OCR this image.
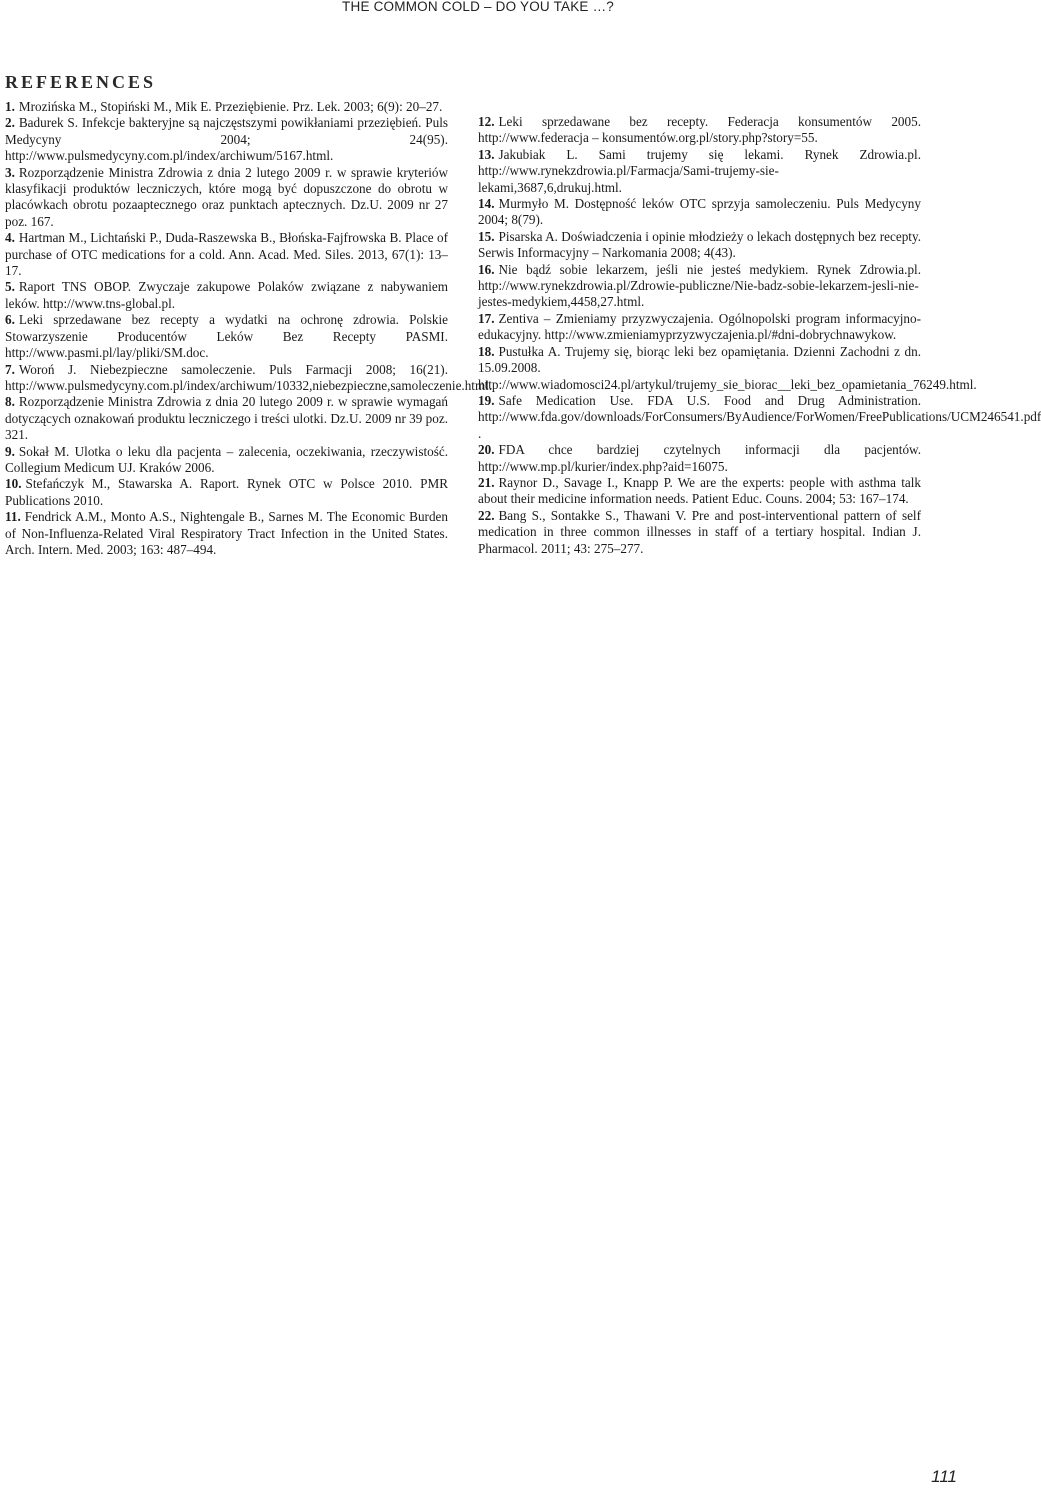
THE COMMON COLD – DO YOU TAKE …?
REFERENCES

1. Mrozińska M., Stopiński M., Mik E. Przeziębienie. Prz. Lek. 2003; 6(9): 20–27.

2. Badurek S. Infekcje bakteryjne są najczęstszymi powikłaniami przeziębień. Puls Medycyny 2004; 24(95). http://www.pulsmedycyny.com.pl/index/archiwum/5167.html.

3. Rozporządzenie Ministra Zdrowia z dnia 2 lutego 2009 r. w sprawie kryteriów klasyfikacji produktów leczniczych, które mogą być dopuszczone do obrotu w placówkach obrotu pozaaptecznego oraz punktach aptecznych. Dz.U. 2009 nr 27 poz. 167.

4. Hartman M., Lichtański P., Duda-Raszewska B., Błońska-Fajfrowska B. Place of purchase of OTC medications for a cold. Ann. Acad. Med. Siles. 2013, 67(1): 13–17.

5. Raport TNS OBOP. Zwyczaje zakupowe Polaków związane z nabywaniem leków. http://www.tns-global.pl.

6. Leki sprzedawane bez recepty a wydatki na ochronę zdrowia. Polskie Stowarzyszenie Producentów Leków Bez Recepty PASMI. http://www.pasmi.pl/lay/pliki/SM.doc.

7. Woroń J. Niebezpieczne samoleczenie. Puls Farmacji 2008; 16(21). http://www.pulsmedycyny.com.pl/index/archiwum/10332,niebezpieczne,samoleczenie.html.

8. Rozporządzenie Ministra Zdrowia z dnia 20 lutego 2009 r. w sprawie wymagań dotyczących oznakowań produktu leczniczego i treści ulotki. Dz.U. 2009 nr 39 poz. 321.

9. Sokał M. Ulotka o leku dla pacjenta – zalecenia, oczekiwania, rzeczywistość. Collegium Medicum UJ. Kraków 2006.

10. Stefańczyk M., Stawarska A. Raport. Rynek OTC w Polsce 2010. PMR Publications 2010.

11. Fendrick A.M., Monto A.S., Nightengale B., Sarnes M. The Economic Burden of Non-Influenza-Related Viral Respiratory Tract Infection in the United States. Arch. Intern. Med. 2003; 163: 487–494.

12. Leki sprzedawane bez recepty. Federacja konsumentów 2005. http://www.federacja – konsumentów.org.pl/story.php?story=55.

13. Jakubiak L. Sami trujemy się lekami. Rynek Zdrowia.pl. http://www.rynekzdrowia.pl/Farmacja/Sami-trujemy-sie-lekami,3687,6,drukuj.html.

14. Murmyło M. Dostępność leków OTC sprzyja samoleczeniu. Puls Medycyny 2004; 8(79).

15. Pisarska A. Doświadczenia i opinie młodzieży o lekach dostępnych bez recepty. Serwis Informacyjny – Narkomania 2008; 4(43).

16. Nie bądź sobie lekarzem, jeśli nie jesteś medykiem. Rynek Zdrowia.pl. http://www.rynekzdrowia.pl/Zdrowie-publiczne/Nie-badz-sobie-lekarzem-jesli-nie-jestes-medykiem,4458,27.html.

17. Zentiva – Zmieniamy przyzwyczajenia. Ogólnopolski program informacyjno-edukacyjny. http://www.zmieniamyprzyzwyczajenia.pl/#dni-dobrychnawykow.

18. Pustułka A. Trujemy się, biorąc leki bez opamiętania. Dzienni Zachodni z dn. 15.09.2008. http://www.wiadomosci24.pl/artykul/trujemy_sie_biorac__leki_bez_opamietania_76249.html.

19. Safe Medication Use. FDA U.S. Food and Drug Administration. http://www.fda.gov/downloads/ForConsumers/ByAudience/ForWomen/FreePublications/UCM246541.pdf .

20. FDA chce bardziej czytelnych informacji dla pacjentów. http://www.mp.pl/kurier/index.php?aid=16075.

21. Raynor D., Savage I., Knapp P. We are the experts: people with asthma talk about their medicine information needs. Patient Educ. Couns. 2004; 53: 167–174.

22. Bang S., Sontakke S., Thawani V. Pre and post-interventional pattern of self medication in three common illnesses in staff of a tertiary hospital. Indian J. Pharmacol. 2011; 43: 275–277.

111
